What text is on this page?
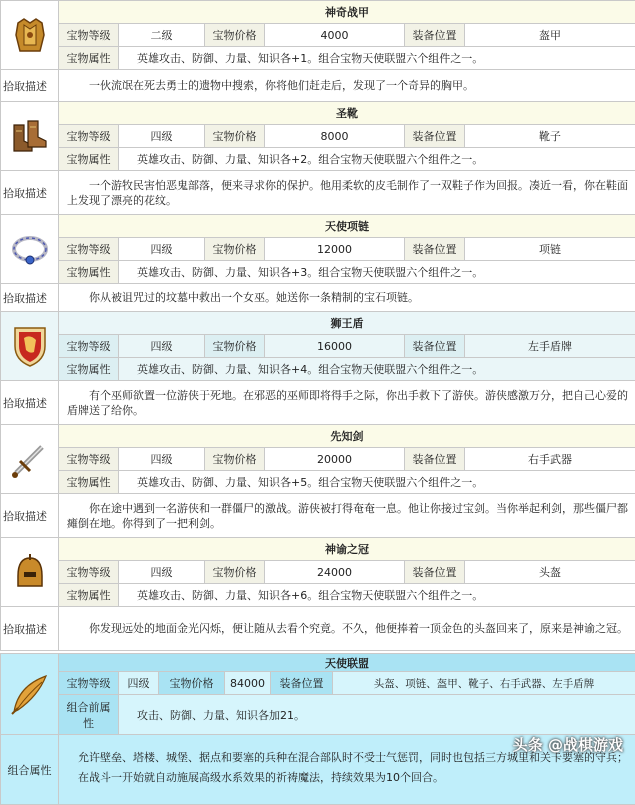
	神奇战甲					
	宝物等级	二级	宝物价格	4000	装备位置	盔甲
	宝物属性	英雄攻击、防御、力量、知识各+1。组合宝物天使联盟六个组件之一。				
拾取描述	一伙流氓在死去勇士的遗物中搜索，你将他们赶走后，发现了一个奇异的胸甲。					

	圣靴					
	宝物等级	四级	宝物价格	8000	装备位置	靴子
	宝物属性	英雄攻击、防御、力量、知识各+2。组合宝物天使联盟六个组件之一。				
拾取描述	一个游牧民害怕恶鬼部落，便来寻求你的保护。他用柔软的皮毛制作了一双鞋子作为回报。凑近一看，你在鞋面上发现了漂亮的花纹。					

	天使项链					
	宝物等级	四级	宝物价格	12000	装备位置	项链
	宝物属性	英雄攻击、防御、力量、知识各+3。组合宝物天使联盟六个组件之一。				
拾取描述	你从被诅咒过的坟墓中救出一个女巫。她送你一条精制的宝石项链。					

	狮王盾					
	宝物等级	四级	宝物价格	16000	装备位置	左手盾牌
	宝物属性	英雄攻击、防御、力量、知识各+4。组合宝物天使联盟六个组件之一。				
拾取描述	有个巫师欲置一位游侠于死地。在邪恶的巫师即将得手之际，你出手救下了游侠。游侠感激万分，把自己心爱的盾牌送了给你。					

	先知剑					
	宝物等级	四级	宝物价格	20000	装备位置	右手武器
	宝物属性	英雄攻击、防御、力量、知识各+5。组合宝物天使联盟六个组件之一。				
拾取描述	你在途中遇到一名游侠和一群僵尸的激战。游侠被打得奄奄一息。他让你接过宝剑。当你举起利剑，那些僵尸都瘫倒在地。你得到了一把利剑。					

	神谕之冠					
	宝物等级	四级	宝物价格	24000	装备位置	头盔
	宝物属性	英雄攻击、防御、力量、知识各+6。组合宝物天使联盟六个组件之一。				
拾取描述	你发现远处的地面金光闪烁，便让随从去看个究竟。不久，他便捧着一顶金色的头盔回来了，原来是神谕之冠。					
	天使联盟					
	宝物等级	四级	宝物价格	84000	装备位置	头盔、项链、盔甲、靴子、右手武器、左手盾牌
	组合前属性	攻击、防御、力量、知识各加21。				
组合属性	允许壁垒、塔楼、城堡、据点和要塞的兵种在混合部队时不受士气惩罚，同时也包括三方城里和关卡要塞的守兵；

在战斗一开始就自动施展高级水系效果的祈祷魔法，持续效果为10个回合。					

头条 @战棋游戏
